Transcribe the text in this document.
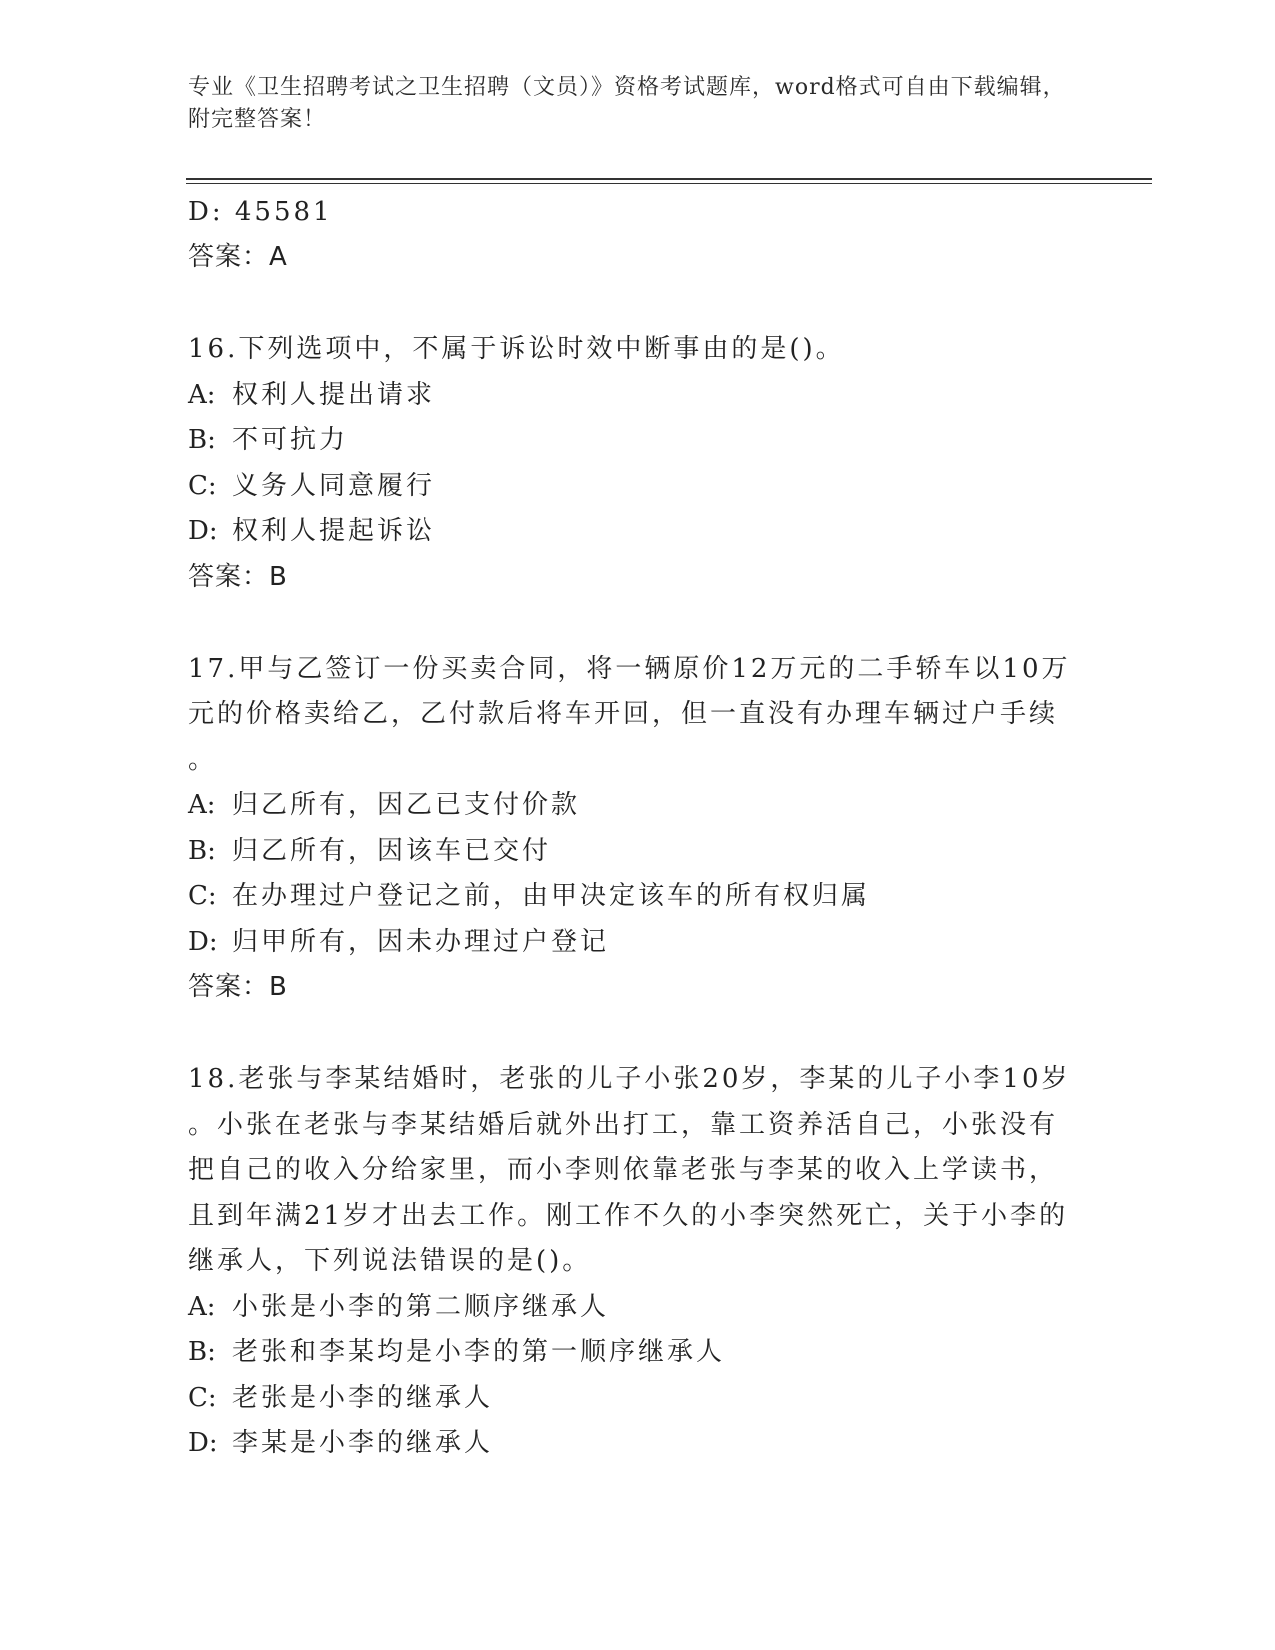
专业《卫生招聘考试之卫生招聘（文员）》资格考试题库，word格式可自由下载编辑，附完整答案！
D: 45581
答案：A
16.下列选项中，不属于诉讼时效中断事由的是()。
A: 权利人提出请求
B: 不可抗力
C: 义务人同意履行
D: 权利人提起诉讼
答案：B
17.甲与乙签订一份买卖合同，将一辆原价12万元的二手轿车以10万
元的价格卖给乙，乙付款后将车开回，但一直没有办理车辆过户手续
。
A: 归乙所有，因乙已支付价款
B: 归乙所有，因该车已交付
C: 在办理过户登记之前，由甲决定该车的所有权归属
D: 归甲所有，因未办理过户登记
答案：B
18.老张与李某结婚时，老张的儿子小张20岁，李某的儿子小李10岁
。小张在老张与李某结婚后就外出打工，靠工资养活自己，小张没有
把自己的收入分给家里，而小李则依靠老张与李某的收入上学读书，
且到年满21岁才出去工作。刚工作不久的小李突然死亡，关于小李的
继承人，下列说法错误的是()。
A: 小张是小李的第二顺序继承人
B: 老张和李某均是小李的第一顺序继承人
C: 老张是小李的继承人
D: 李某是小李的继承人
